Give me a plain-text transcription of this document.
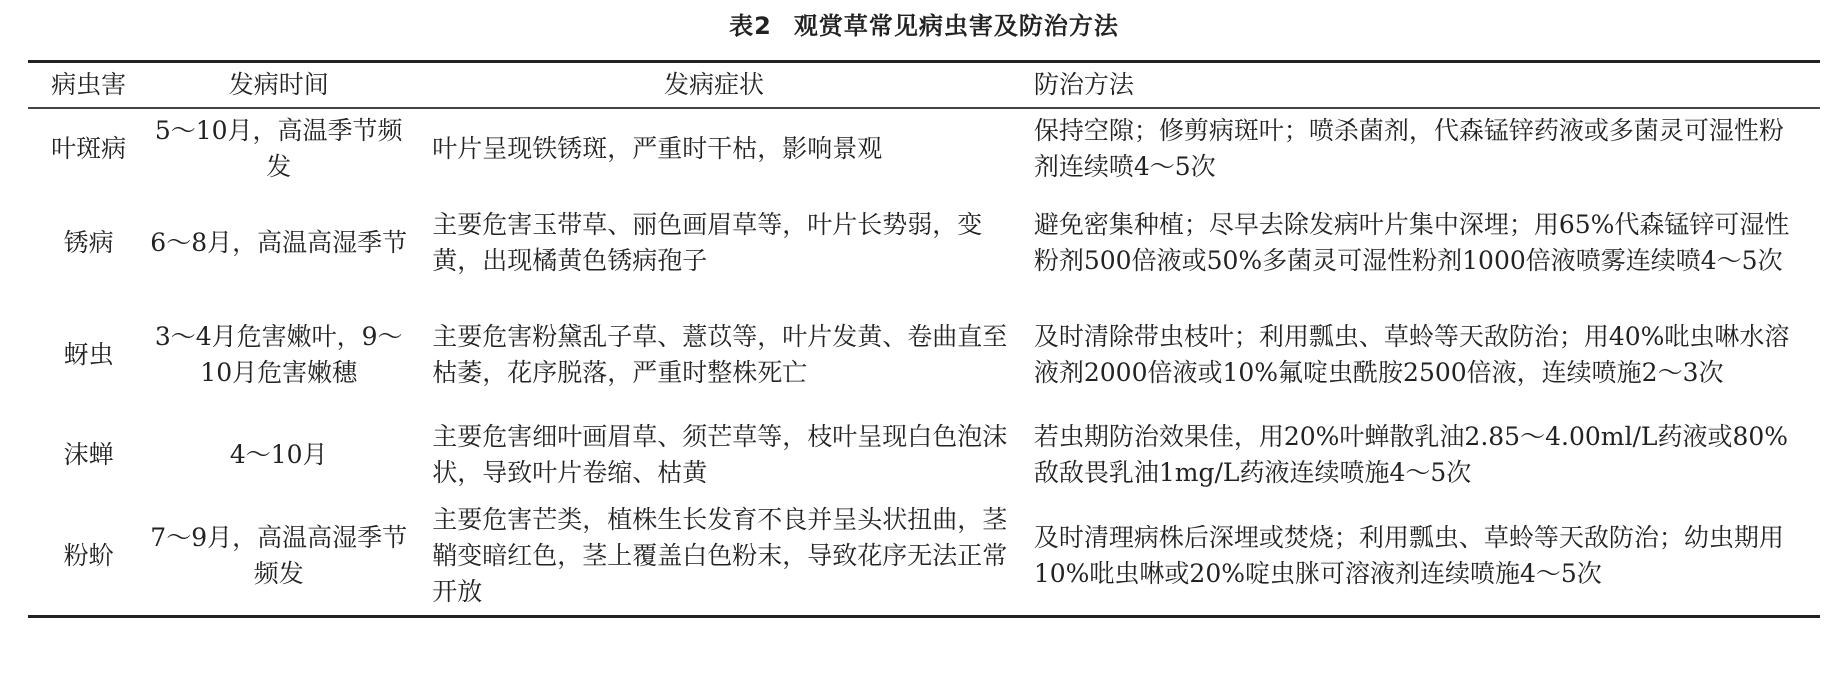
表2 观赏草常见病虫害及防治方法
病虫害	发病时间	发病症状	防治方法
叶斑病	5～10月，高温季节频发	叶片呈现铁锈斑，严重时干枯，影响景观	保持空隙；修剪病斑叶；喷杀菌剂，代森锰锌药液或多菌灵可湿性粉剂连续喷4～5次
锈病	6～8月，高温高湿季节	主要危害玉带草、丽色画眉草等，叶片长势弱，变黄，出现橘黄色锈病孢子	避免密集种植；尽早去除发病叶片集中深埋；用65%代森锰锌可湿性粉剂500倍液或50%多菌灵可湿性粉剂1000倍液喷雾连续喷4～5次
蚜虫	3～4月危害嫩叶，9～10月危害嫩穗	主要危害粉黛乱子草、薏苡等，叶片发黄、卷曲直至枯萎，花序脱落，严重时整株死亡	及时清除带虫枝叶；利用瓢虫、草蛉等天敌防治；用40%吡虫啉水溶液剂2000倍液或10%氟啶虫酰胺2500倍液，连续喷施2～3次
沫蝉	4～10月	主要危害细叶画眉草、须芒草等，枝叶呈现白色泡沫状，导致叶片卷缩、枯黄	若虫期防治效果佳，用20%叶蝉散乳油2.85～4.00ml/L药液或80%敌敌畏乳油1mg/L药液连续喷施4～5次
粉蚧	7～9月，高温高湿季节频发	主要危害芒类，植株生长发育不良并呈头状扭曲，茎鞘变暗红色，茎上覆盖白色粉末，导致花序无法正常开放	及时清理病株后深埋或焚烧；利用瓢虫、草蛉等天敌防治；幼虫期用10%吡虫啉或20%啶虫脒可溶液剂连续喷施4～5次
